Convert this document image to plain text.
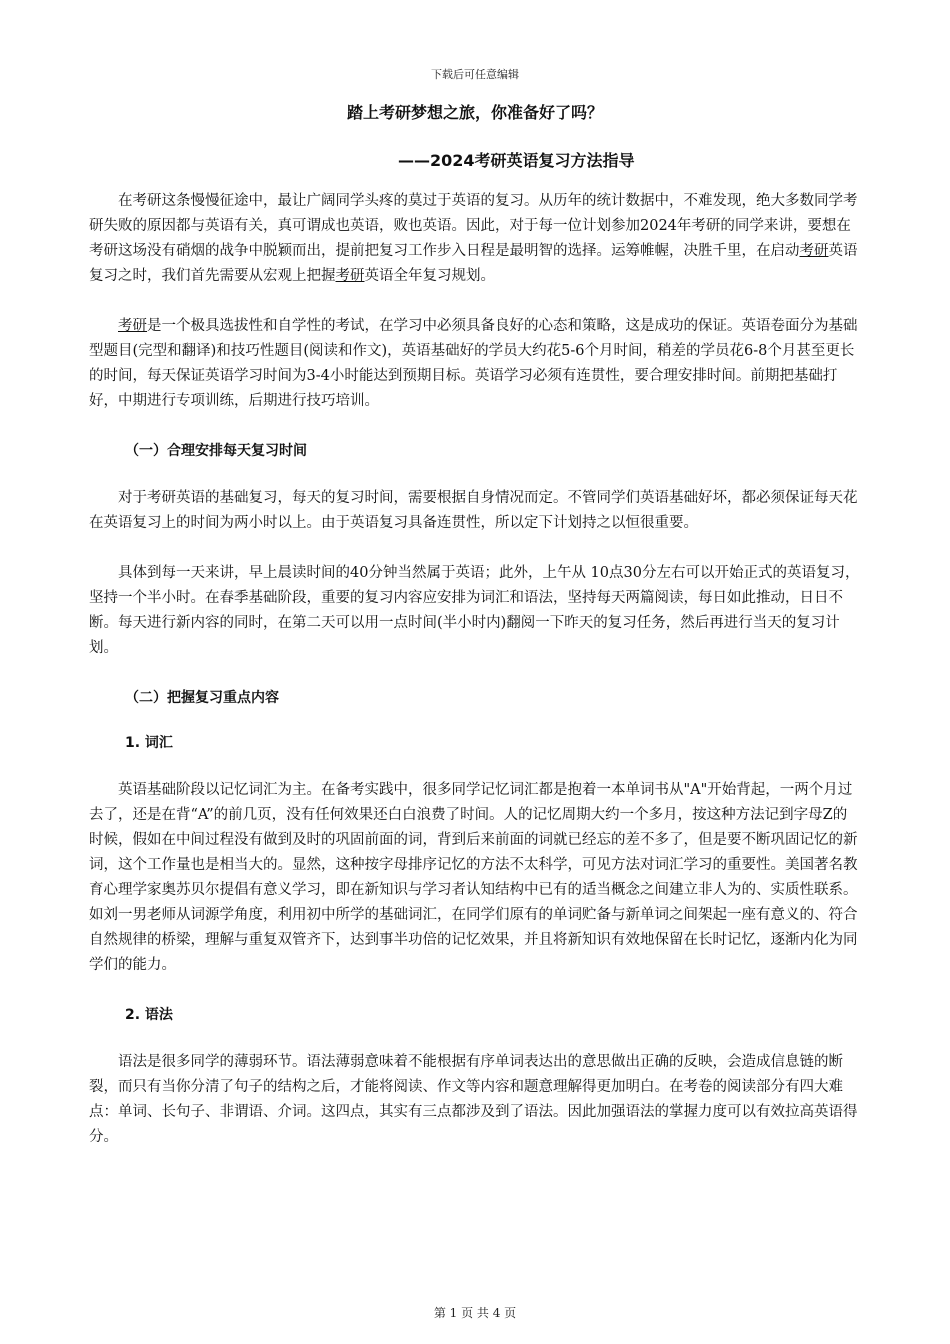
下载后可任意编辑
踏上考研梦想之旅，你准备好了吗？
——2024考研英语复习方法指导

在考研这条慢慢征途中，最让广阔同学头疼的莫过于英语的复习。从历年的统计数据中，不难发现，绝大多数同学考研失败的原因都与英语有关，真可谓成也英语，败也英语。因此，对于每一位计划参加2024年考研的同学来讲，要想在考研这场没有硝烟的战争中脱颖而出，提前把复习工作步入日程是最明智的选择。运筹帷幄，决胜千里，在启动考研英语复习之时，我们首先需要从宏观上把握考研英语全年复习规划。

考研是一个极具选拔性和自学性的考试，在学习中必须具备良好的心态和策略，这是成功的保证。英语卷面分为基础型题目(完型和翻译)和技巧性题目(阅读和作文)，英语基础好的学员大约花5-6个月时间，稍差的学员花6-8个月甚至更长的时间，每天保证英语学习时间为3-4小时能达到预期目标。英语学习必须有连贯性，要合理安排时间。前期把基础打好，中期进行专项训练，后期进行技巧培训。

（一）合理安排每天复习时间

对于考研英语的基础复习，每天的复习时间，需要根据自身情况而定。不管同学们英语基础好坏，都必须保证每天花在英语复习上的时间为两小时以上。由于英语复习具备连贯性，所以定下计划持之以恒很重要。

具体到每一天来讲，早上晨读时间的40分钟当然属于英语；此外，上午从 10点30分左右可以开始正式的英语复习，坚持一个半小时。在春季基础阶段，重要的复习内容应安排为词汇和语法，坚持每天两篇阅读，每日如此推动，日日不断。每天进行新内容的同时，在第二天可以用一点时间(半小时内)翻阅一下昨天的复习任务，然后再进行当天的复习计划。

（二）把握复习重点内容
1. 词汇

英语基础阶段以记忆词汇为主。在备考实践中，很多同学记忆词汇都是抱着一本单词书从"A"开始背起，一两个月过去了，还是在背“A”的前几页，没有任何效果还白白浪费了时间。人的记忆周期大约一个多月，按这种方法记到字母Z的时候，假如在中间过程没有做到及时的巩固前面的词，背到后来前面的词就已经忘的差不多了，但是要不断巩固记忆的新词，这个工作量也是相当大的。显然，这种按字母排序记忆的方法不太科学，可见方法对词汇学习的重要性。美国著名教育心理学家奥苏贝尔提倡有意义学习，即在新知识与学习者认知结构中已有的适当概念之间建立非人为的、实质性联系。如刘一男老师从词源学角度，利用初中所学的基础词汇，在同学们原有的单词贮备与新单词之间架起一座有意义的、符合自然规律的桥梁，理解与重复双管齐下，达到事半功倍的记忆效果，并且将新知识有效地保留在长时记忆，逐渐内化为同学们的能力。

2. 语法

语法是很多同学的薄弱环节。语法薄弱意味着不能根据有序单词表达出的意思做出正确的反映，会造成信息链的断裂，而只有当你分清了句子的结构之后，才能将阅读、作文等内容和题意理解得更加明白。在考卷的阅读部分有四大难点：单词、长句子、非谓语、介词。这四点，其实有三点都涉及到了语法。因此加强语法的掌握力度可以有效拉高英语得分。

第 1 页 共 4 页
